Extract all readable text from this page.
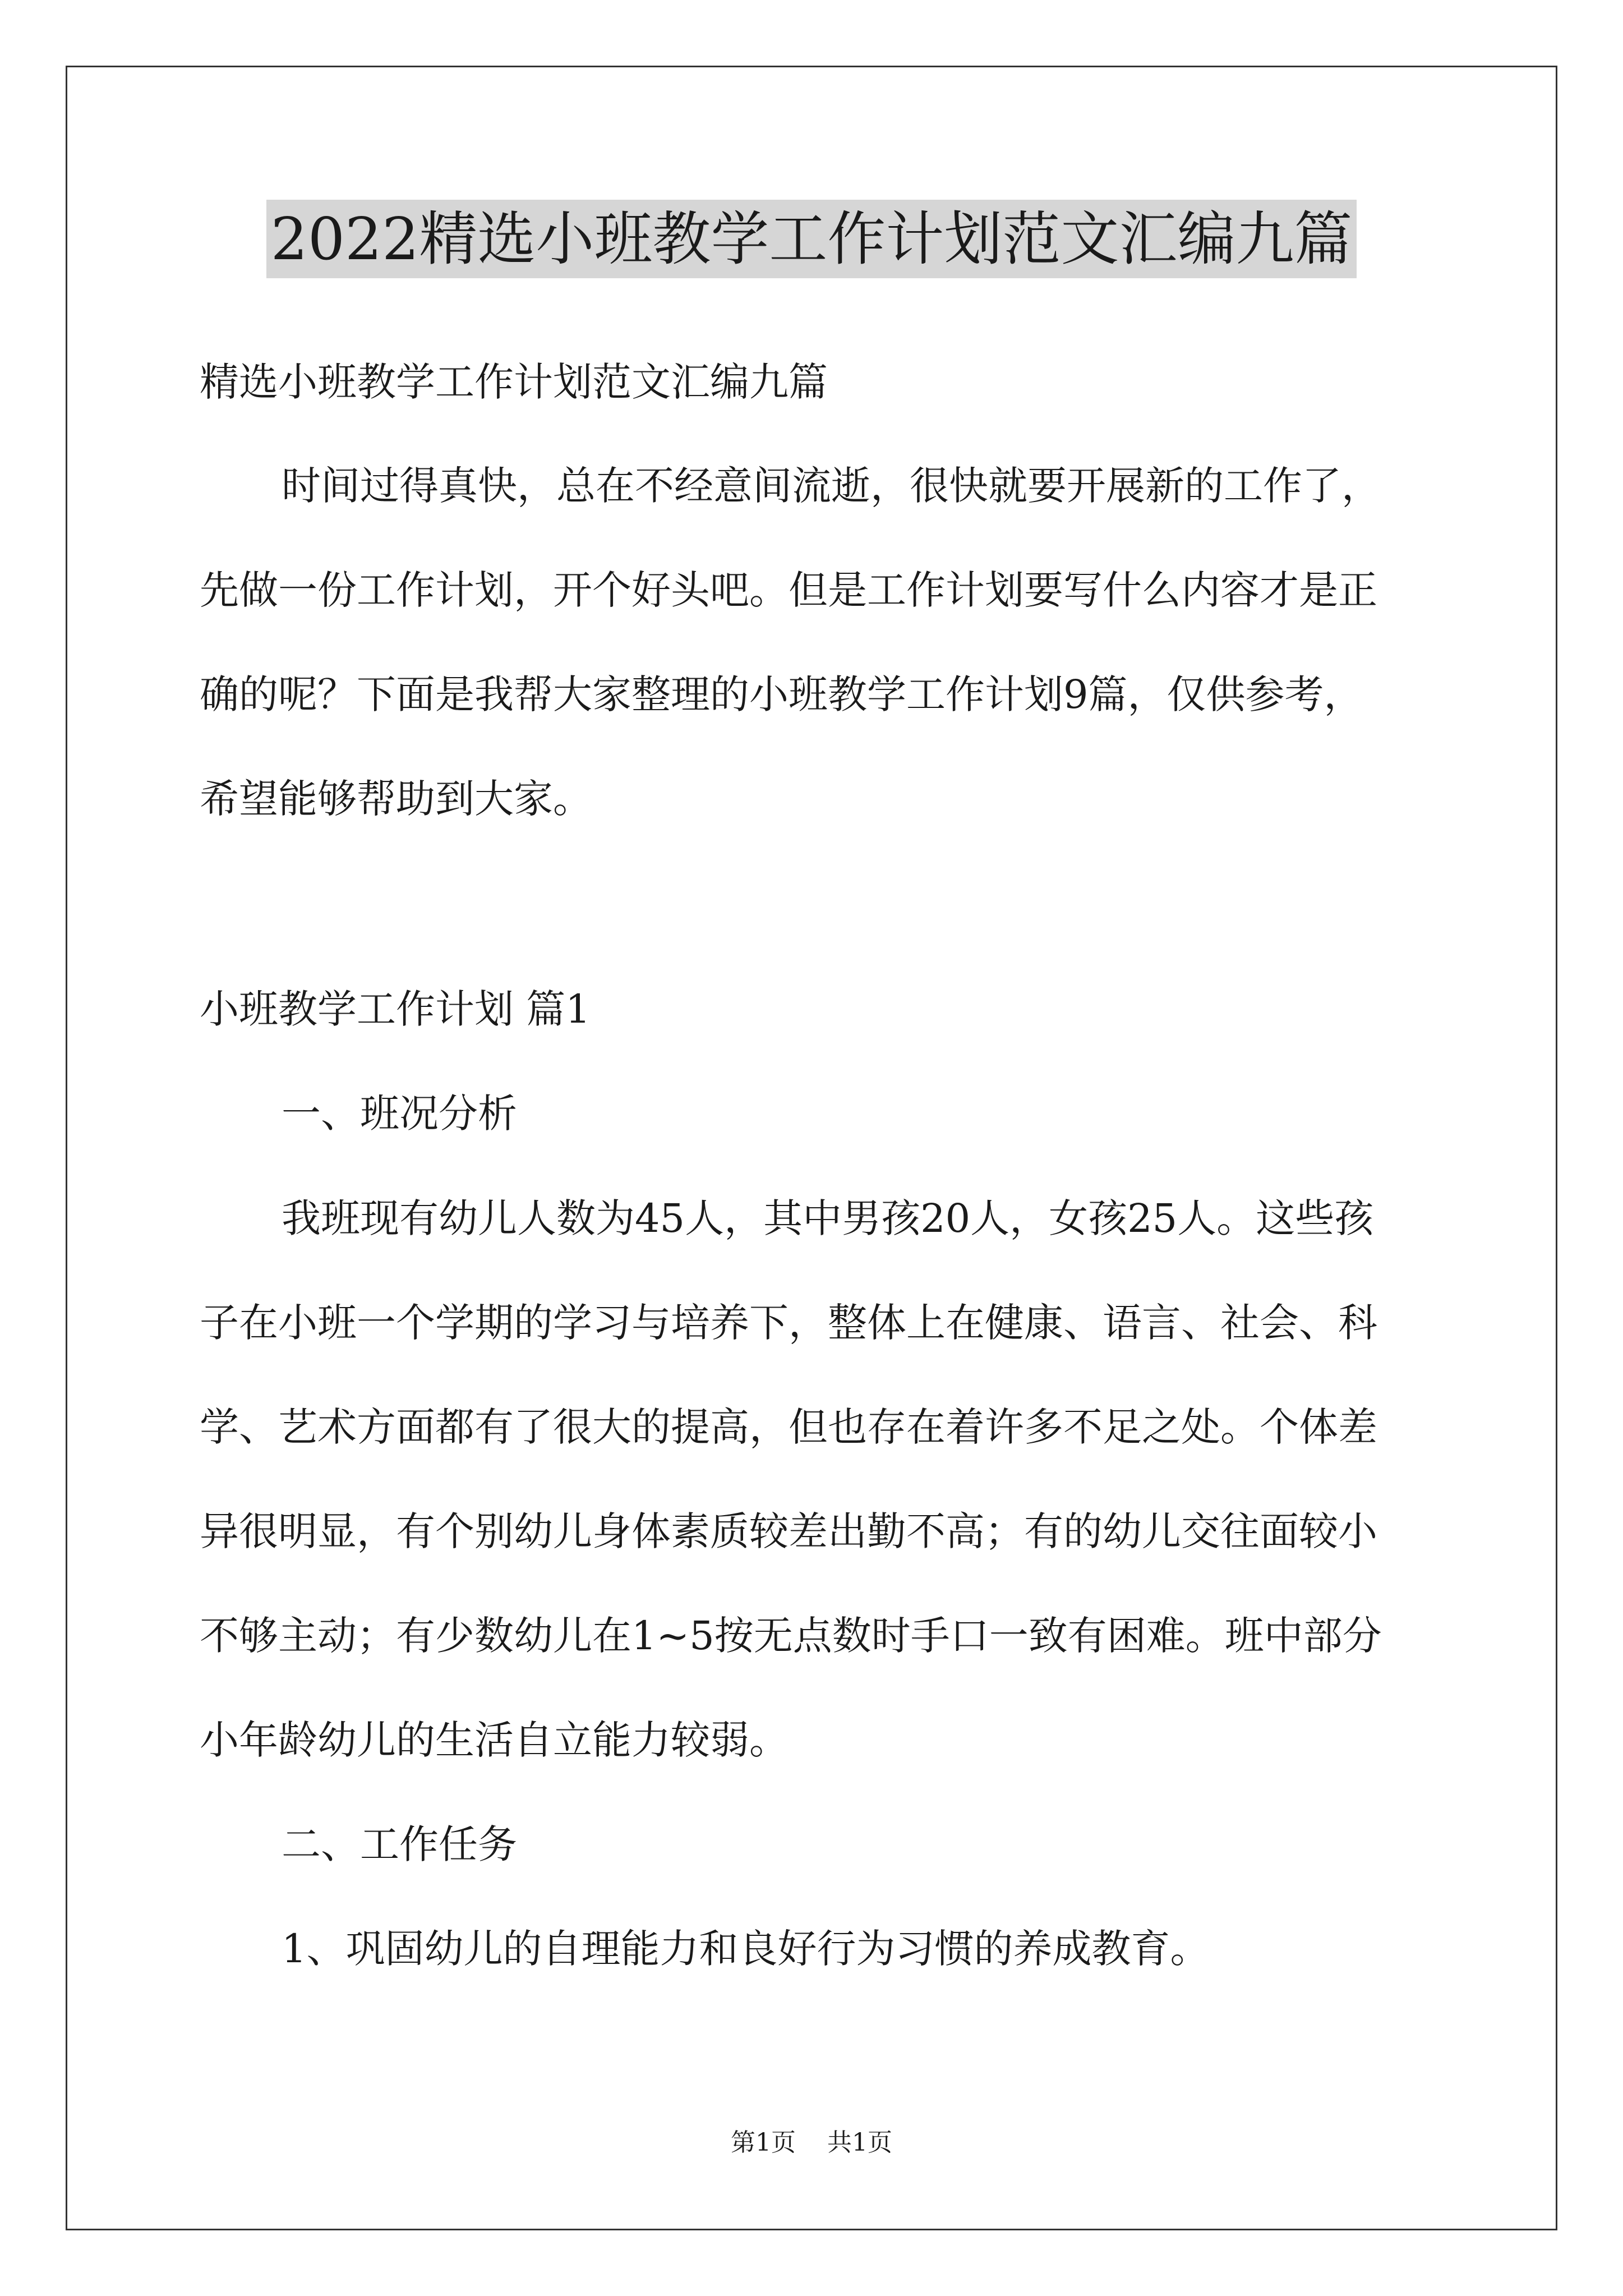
2022精选小班教学工作计划范文汇编九篇
精选小班教学工作计划范文汇编九篇
时间过得真快，总在不经意间流逝，很快就要开展新的工作了，
先做一份工作计划，开个好头吧。但是工作计划要写什么内容才是正
确的呢？下面是我帮大家整理的小班教学工作计划9篇，仅供参考，
希望能够帮助到大家。
小班教学工作计划 篇1
一、班况分析
我班现有幼儿人数为45人，其中男孩20人，女孩25人。这些孩
子在小班一个学期的学习与培养下，整体上在健康、语言、社会、科
学、艺术方面都有了很大的提高，但也存在着许多不足之处。个体差
异很明显，有个别幼儿身体素质较差出勤不高；有的幼儿交往面较小
不够主动；有少数幼儿在1~5按无点数时手口一致有困难。班中部分
小年龄幼儿的生活自立能力较弱。
二、工作任务
1、巩固幼儿的自理能力和良好行为习惯的养成教育。
第1页 共1页
